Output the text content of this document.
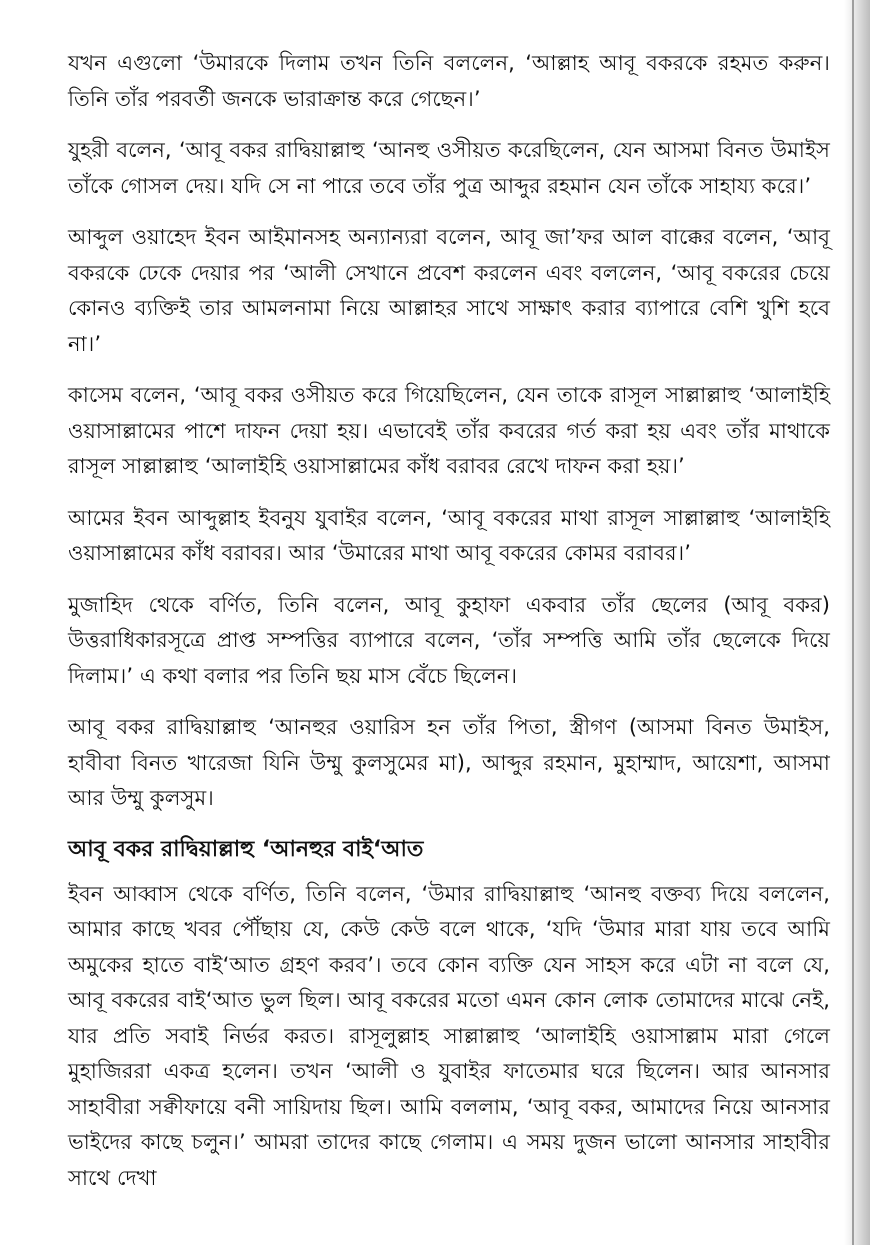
যখন এগুলো ‘উমারকে দিলাম তখন তিনি বললেন, ‘আল্লাহ আবূ বকরকে রহমত করুন। তিনি তাঁর পরবর্তী জনকে ভারাক্রান্ত করে গেছেন।’

যুহরী বলেন, ‘আবূ বকর রাদ্বিয়াল্লাহু ‘আনহু ওসীয়ত করেছিলেন, যেন আসমা বিনত উমাইস তাঁকে গোসল দেয়। যদি সে না পারে তবে তাঁর পুত্র আব্দুর রহমান যেন তাঁকে সাহায্য করে।’

আব্দুল ওয়াহেদ ইবন আইমানসহ অন্যান্যরা বলেন, আবূ জা’ফর আল বাক্কের বলেন, ‘আবূ বকরকে ঢেকে দেয়ার পর ‘আলী সেখানে প্রবেশ করলেন এবং বললেন, ‘আবূ বকরের চেয়ে কোনও ব্যক্তিই তার আমলনামা নিয়ে আল্লাহর সাথে সাক্ষাৎ করার ব্যাপারে বেশি খুশি হবে না।’

কাসেম বলেন, ‘আবূ বকর ওসীয়ত করে গিয়েছিলেন, যেন তাকে রাসূল সাল্লাল্লাহু ‘আলাইহি ওয়াসাল্লামের পাশে দাফন দেয়া হয়। এভাবেই তাঁর কবরের গর্ত করা হয় এবং তাঁর মাথাকে রাসূল সাল্লাল্লাহু ‘আলাইহি ওয়াসাল্লামের কাঁধ বরাবর রেখে দাফন করা হয়।’

আমের ইবন আব্দুল্লাহ ইবনুয যুবাইর বলেন, ‘আবূ বকরের মাথা রাসূল সাল্লাল্লাহু ‘আলাইহি ওয়াসাল্লামের কাঁধ বরাবর। আর ‘উমারের মাথা আবূ বকরের কোমর বরাবর।’

মুজাহিদ থেকে বর্ণিত, তিনি বলেন, আবূ কুহাফা একবার তাঁর ছেলের (আবূ বকর) উত্তরাধিকারসূত্রে প্রাপ্ত সম্পত্তির ব্যাপারে বলেন, ‘তাঁর সম্পত্তি আমি তাঁর ছেলেকে দিয়ে দিলাম।’ এ কথা বলার পর তিনি ছয় মাস বেঁচে ছিলেন।

আবূ বকর রাদ্বিয়াল্লাহু ‘আনহুর ওয়ারিস হন তাঁর পিতা, স্ত্রীগণ (আসমা বিনত উমাইস, হাবীবা বিনত খারেজা যিনি উম্মু কুলসুমের মা), আব্দুর রহমান, মুহাম্মাদ, আয়েশা, আসমা আর উম্মু কুলসুম।

আবূ বকর রাদ্বিয়াল্লাহু ‘আনহুর বাই‘আত

ইবন আব্বাস থেকে বর্ণিত, তিনি বলেন, ‘উমার রাদ্বিয়াল্লাহু ‘আনহু বক্তব্য দিয়ে বললেন, আমার কাছে খবর পৌঁছায় যে, কেউ কেউ বলে থাকে, ‘যদি ‘উমার মারা যায় তবে আমি অমুকের হাতে বাই‘আত গ্রহণ করব’। তবে কোন ব্যক্তি যেন সাহস করে এটা না বলে যে, আবূ বকরের বাই‘আত ভুল ছিল। আবূ বকরের মতো এমন কোন লোক তোমাদের মাঝে নেই, যার প্রতি সবাই নির্ভর করত। রাসূলুল্লাহ সাল্লাল্লাহু ‘আলাইহি ওয়াসাল্লাম মারা গেলে মুহাজিররা একত্র হলেন। তখন ‘আলী ও যুবাইর ফাতেমার ঘরে ছিলেন। আর আনসার সাহাবীরা সক্বীফায়ে বনী সায়িদায় ছিল। আমি বললাম, ‘আবূ বকর, আমাদের নিয়ে আনসার ভাইদের কাছে চলুন।’ আমরা তাদের কাছে গেলাম। এ সময় দুজন ভালো আনসার সাহাবীর সাথে দেখা
